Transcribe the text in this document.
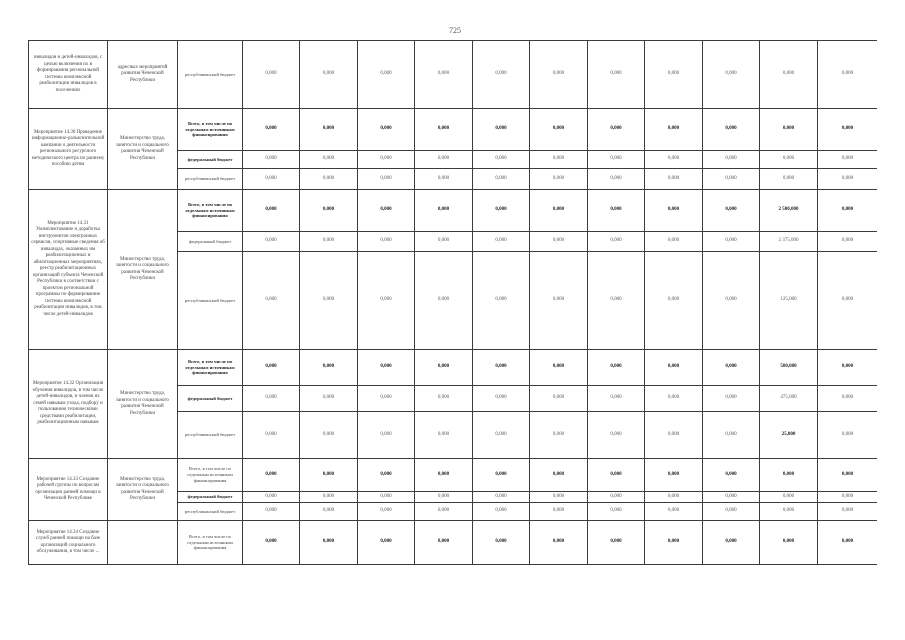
725
инвалидов и детей-инвалидов, с целью включения их в формирования региональной системы комплексной реабилитации инвалидов в поселениях	адресных мероприятий развития Чеченской Республики	республиканский бюджет	0,000	0,000	0,000	0,000	0,000	0,000	0,000	0,000	0,000	0,000	0,000
Мероприятие 14.30 Проведение информационно-разъяснительной кампании о деятельности регионального ресурсного методического центра по раннему пособию детям	Министерство труда, занятости и социального развития Чеченской Республики	Всего, в том числе по отдельным источникам финансирования	0,000	0,000	0,000	0,000	0,000	0,000	0,000	0,000	0,000	0,000	0,000
		федеральный бюджет	0,000	0,000	0,000	0,000	0,000	0,000	0,000	0,000	0,000	0,000	0,000
		республиканский бюджет	0,000	0,000	0,000	0,000	0,000	0,000	0,000	0,000	0,000	0,000	0,000
Мероприятие 14.31 Укомплектование и доработка инструментов электронных сервисов, спортивные сведения об инвалидах, оказанных им реабилитационных и абилитационных мероприятиях, реестр реабилитационных организаций субъекта Чеченской Республики в соответствии с проектом региональной программы по формированию системы комплексной реабилитации инвалидов, в том числе детей-инвалидов	Министерство труда, занятости и социального развития Чеченской Республики	Всего, в том числе по отдельным источникам финансирования	0,000	0,000	0,000	0,000	0,000	0,000	0,000	0,000	0,000	2 500,000	0,000
		федеральный бюджет	0,000	0,000	0,000	0,000	0,000	0,000	0,000	0,000	0,000	2 375,000	0,000
		республиканский бюджет	0,000	0,000	0,000	0,000	0,000	0,000	0,000	0,000	0,000	125,000	0,000
Мероприятие 14.32 Организация обучения инвалидов, в том числе детей-инвалидов, и членов их семей навыкам ухода, подбору и пользованию техническими средствами реабилитации, реабилитационным навыкам	Министерство труда, занятости и социального развития Чеченской Республики	Всего, в том числе по отдельным источникам финансирования	0,000	0,000	0,000	0,000	0,000	0,000	0,000	0,000	0,000	500,000	0,000
		федеральный бюджет	0,000	0,000	0,000	0,000	0,000	0,000	0,000	0,000	0,000	475,000	0,000
		республиканский бюджет	0,000	0,000	0,000	0,000	0,000	0,000	0,000	0,000	0,000	25,000	0,000
Мероприятие 14.33 Создание рабочей группы по вопросам организации ранней помощи в Чеченской Республике	Министерство труда, занятости и социального развития Чеченской Республики	Всего, в том числе по отдельным источникам финансирования	0,000	0,000	0,000	0,000	0,000	0,000	0,000	0,000	0,000	0,000	0,000
		федеральный бюджет	0,000	0,000	0,000	0,000	0,000	0,000	0,000	0,000	0,000	0,000	0,000
		республиканский бюджет	0,000	0,000	0,000	0,000	0,000	0,000	0,000	0,000	0,000	0,000	0,000
Мероприятие 14.34 Создание служб ранней помощи на базе организаций социального обслуживания, в том числе ...		Всего, в том числе по отдельным источникам финансирования	0,000	0,000	0,000	0,000	0,000	0,000	0,000	0,000	0,000	0,000	0,000
